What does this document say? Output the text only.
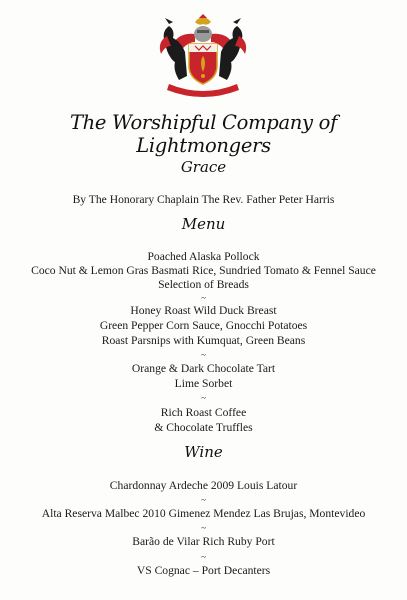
The Worshipful Company of Lightmongers
Grace
By The Honorary Chaplain The Rev. Father Peter Harris
Menu
Poached Alaska Pollock
Coco Nut & Lemon Gras Basmati Rice, Sundried Tomato & Fennel Sauce
Selection of Breads
~
Honey Roast Wild Duck Breast
Green Pepper Corn Sauce, Gnocchi Potatoes
Roast Parsnips with Kumquat, Green Beans
~
Orange & Dark Chocolate Tart
Lime Sorbet
~
Rich Roast Coffee
& Chocolate Truffles
Wine
Chardonnay Ardeche 2009 Louis Latour
~
Alta Reserva Malbec 2010 Gimenez Mendez Las Brujas, Montevideo
~
Barão de Vilar Rich Ruby Port
~
VS Cognac – Port Decanters
